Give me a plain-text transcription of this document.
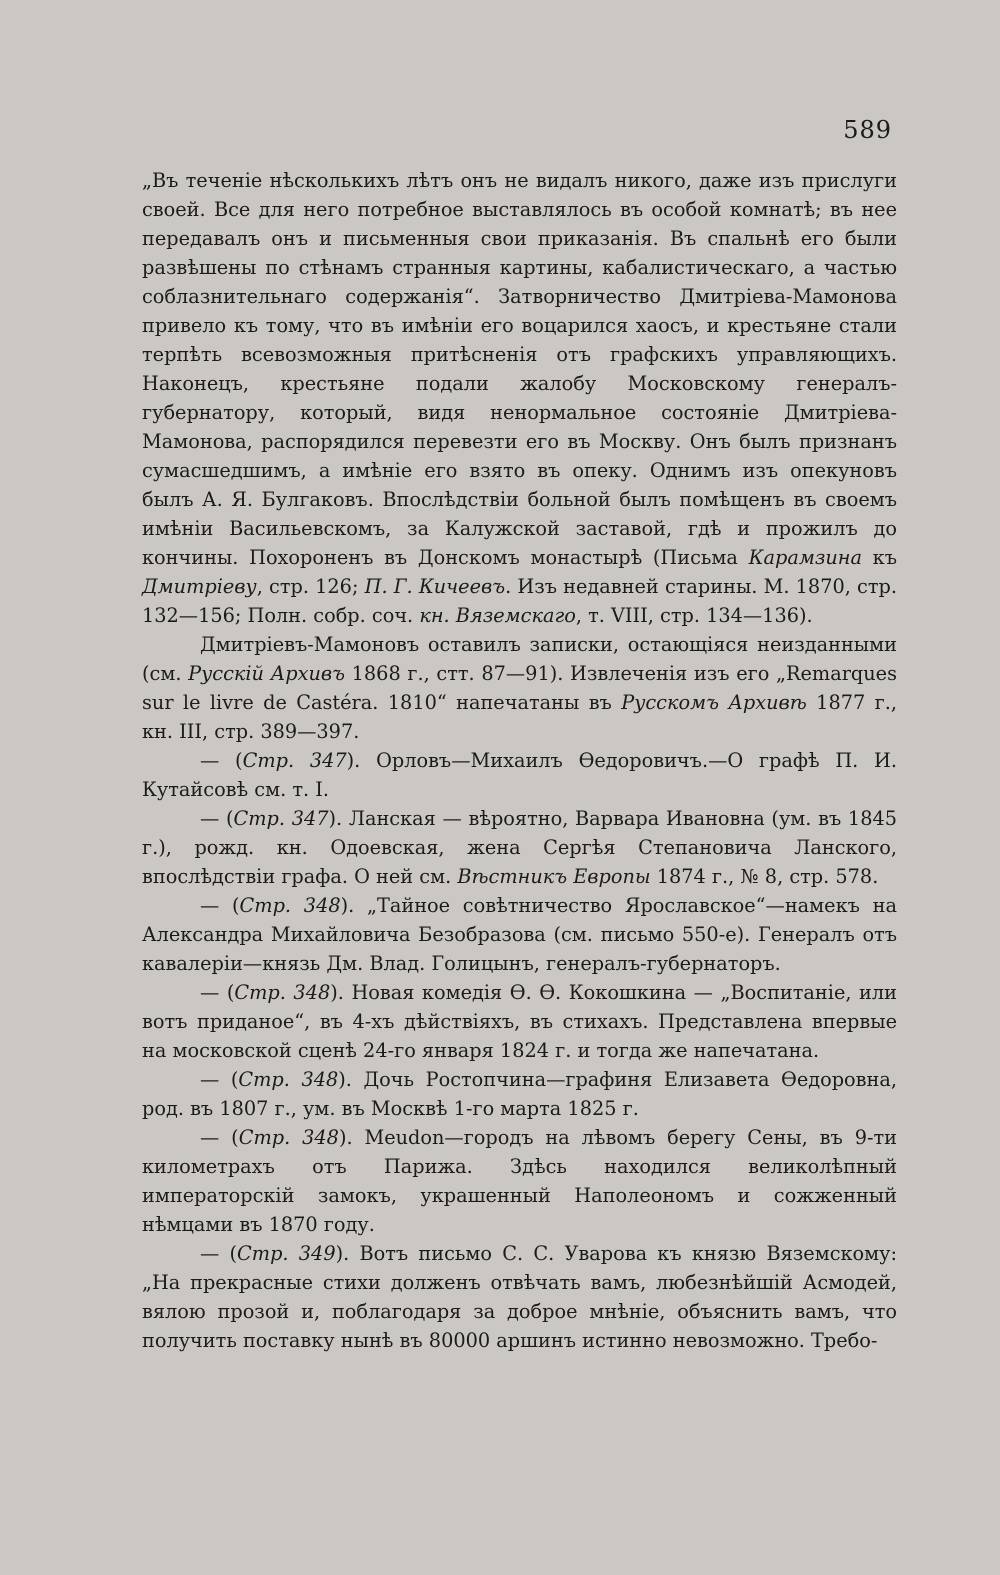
589

„Въ теченіе нѣсколькихъ лѣтъ онъ не видалъ никого, даже изъ прислуги своей. Все для него потребное выставлялось въ особой комнатѣ; въ нее передавалъ онъ и письменныя свои приказанія. Въ спальнѣ его были развѣшены по стѣнамъ странныя картины, кабалистическаго, а частью соблазнительнаго содержанія“. Затворничество Дмитріева-Мамонова привело къ тому, что въ имѣніи его воцарился хаосъ, и крестьяне стали терпѣть всевозможныя притѣсненія отъ графскихъ управляющихъ. Наконецъ, крестьяне подали жалобу Московскому генералъ-губернатору, который, видя ненормальное состояніе Дмитріева-Мамонова, распорядился перевезти его въ Москву. Онъ былъ признанъ сумасшедшимъ, а имѣніе его взято въ опеку. Однимъ изъ опекуновъ былъ А. Я. Булгаковъ. Впослѣдствіи больной былъ помѣщенъ въ своемъ имѣніи Васильевскомъ, за Калужской заставой, гдѣ и прожилъ до кончины. Похороненъ въ Донскомъ монастырѣ (Письма Карамзина къ Дмитріеву, стр. 126; П. Г. Кичеевъ. Изъ недавней старины. М. 1870, стр. 132—156; Полн. собр. соч. кн. Вяземскаго, т. VIII, стр. 134—136).

Дмитріевъ-Мамоновъ оставилъ записки, остающіяся неизданными (см. Русскій Архивъ 1868 г., стт. 87—91). Извлеченія изъ его „Remarques sur le livre de Castéra. 1810“ напечатаны въ Русскомъ Архивѣ 1877 г., кн. III, стр. 389—397.

— (Стр. 347). Орловъ—Михаилъ Ѳедоровичъ.—О графѣ П. И. Кутайсовѣ см. т. I.

— (Стр. 347). Ланская — вѣроятно, Варвара Ивановна (ум. въ 1845 г.), рожд. кн. Одоевская, жена Сергѣя Степановича Ланского, впослѣдствіи графа. О ней см. Вѣстникъ Европы 1874 г., № 8, стр. 578.

— (Стр. 348). „Тайное совѣтничество Ярославское“—намекъ на Александра Михайловича Безобразова (см. письмо 550-е). Генералъ отъ кавалеріи—князь Дм. Влад. Голицынъ, генералъ-губернаторъ.

— (Стр. 348). Новая комедія Ѳ. Ѳ. Кокошкина — „Воспитаніе, или вотъ приданое“, въ 4-хъ дѣйствіяхъ, въ стихахъ. Представлена впервые на московской сценѣ 24-го января 1824 г. и тогда же напечатана.

— (Стр. 348). Дочь Ростопчина—графиня Елизавета Ѳедоровна, род. въ 1807 г., ум. въ Москвѣ 1-го марта 1825 г.

— (Стр. 348). Meudon—городъ на лѣвомъ берегу Сены, въ 9-ти километрахъ отъ Парижа. Здѣсь находился великолѣпный императорскій замокъ, украшенный Наполеономъ и сожженный нѣмцами въ 1870 году.

— (Стр. 349). Вотъ письмо С. С. Уварова къ князю Вяземскому: „На прекрасные стихи долженъ отвѣчать вамъ, любезнѣйшій Асмодей, вялою прозой и, поблагодаря за доброе мнѣніе, объяснить вамъ, что получить поставку нынѣ въ 80000 аршинъ истинно невозможно. Требо-
